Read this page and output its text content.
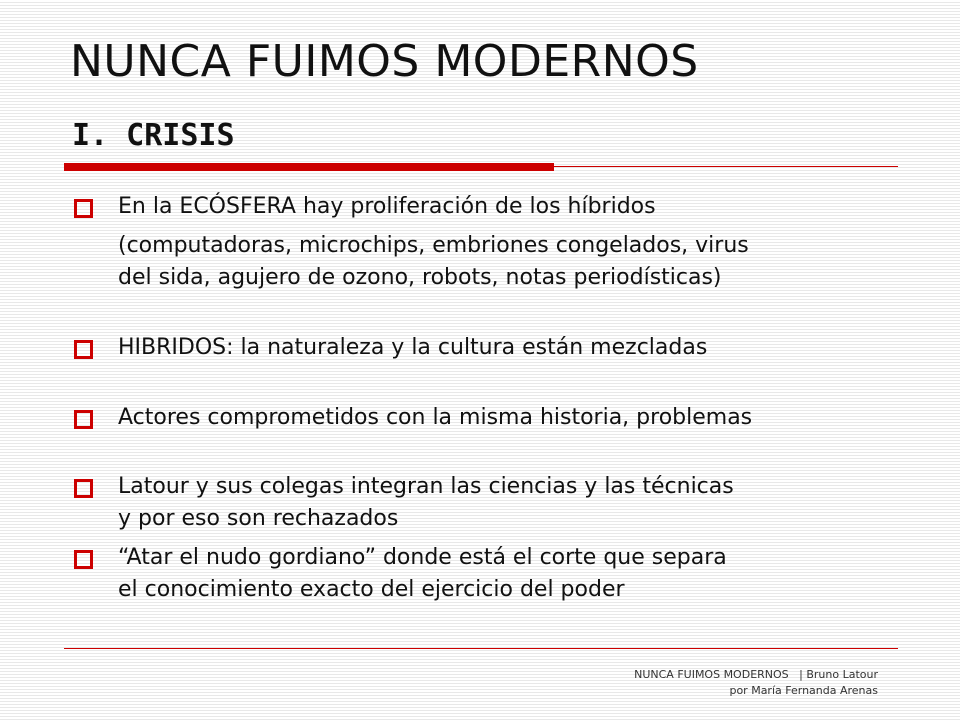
NUNCA FUIMOS MODERNOS
I. CRISIS
En la ECÓSFERA hay proliferación de los híbridos
(computadoras, microchips, embriones congelados, virus
del sida, agujero de ozono, robots, notas periodísticas)
HIBRIDOS: la naturaleza y la cultura están mezcladas
Actores comprometidos con la misma historia, problemas
Latour y sus colegas integran las ciencias y las técnicas
y por eso son rechazados
“Atar el nudo gordiano” donde está el corte que separa
el conocimiento exacto del ejercicio del poder
NUNCA FUIMOS MODERNOS   | Bruno Latour
por María Fernanda Arenas
